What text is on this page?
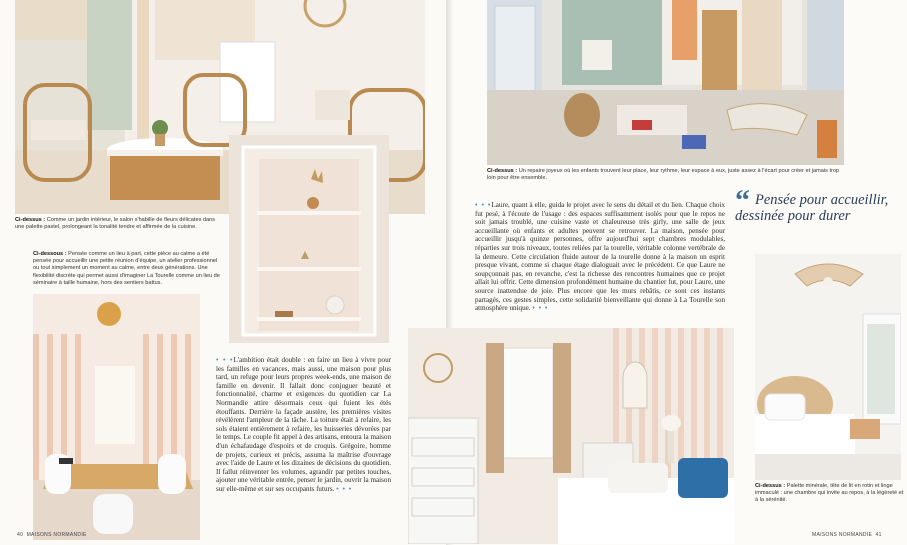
Ci-dessus : Comme un jardin intérieur, le salon s'habille de fleurs délicates dans une palette pastel, prolongeant la tonalité tendre et affirmée de la cuisine.
Ci-dessous : Pensée comme un lieu à part, cette pièce au calme a été pensée pour accueillir une petite réunion d'équipe, un atelier professionnel ou tout simplement un moment au calme, entre deux générations. Une flexibilité discrète qui permet aussi d'imaginer La Tourelle comme un lieu de séminaire à taille humaine, hors des sentiers battus.
• • •L'ambition était double : en faire un lieu à vivre pour les familles en vacances, mais aussi, une maison pour plus tard, un refuge pour leurs propres week-ends, une maison de famille en devenir. Il fallait donc conjuguer beauté et fonctionnalité, charme et exigences du quotidien car La Normandie attire désormais ceux qui fuient les étés étouffants. Derrière la façade austère, les premières visites révélèrent l'ampleur de la tâche. La toiture était à refaire, les sols étaient entièrement à refaire, les huisseries dévorées par le temps. Le couple fit appel à des artisans, entoura la maison d'un échafaudage d'espoirs et de croquis. Grégoire, homme de projets, curieux et précis, assuma la maîtrise d'ouvrage avec l'aide de Laure et les dizaines de décisions du quotidien. Il fallut réinventer les volumes, agrandir par petites touches, ajouter une véritable entrée, penser le jardin, ouvrir la maison sur elle-même et sur ses occupants futurs. • • •
40 MAISONS NORMANDIE
Ci-dessus : Un repaire joyeux où les enfants trouvent leur place, leur rythme, leur espace à eux, juste assez à l'écart pour créer et jamais trop loin pour être ensemble.
• • •Laure, quant à elle, guida le projet avec le sens du détail et du lien. Chaque choix fut pesé, à l'écoute de l'usage : des espaces suffisamment isolés pour que le repos ne soit jamais troublé, une cuisine vaste et chaleureuse très girly, une salle de jeux accueillante où enfants et adultes peuvent se retrouver. La maison, pensée pour accueillir jusqu'à quinze personnes, offre aujourd'hui sept chambres modulables, réparties sur trois niveaux, toutes reliées par la tourelle, véritable colonne vertébrale de la demeure. Cette circulation fluide autour de la tourelle donne à la maison un esprit presque vivant, comme si chaque étage dialoguait avec le précédent. Ce que Laure ne soupçonnait pas, en revanche, c'est la richesse des rencontres humaines que ce projet allait lui offrir. Cette dimension profondément humaine du chantier fut, pour Laure, une source inattendue de joie. Plus encore que les murs rebâtis, ce sont ces instants partagés, ces gestes simples, cette solidarité bienveillante qui donne à La Tourelle son atmosphère unique. • • •
“ Pensée pour accueillir, dessinée pour durer
Ci-dessus : Palette minérale, tête de lit en rotin et linge immaculé : une chambre qui invite au repos, à la légèreté et à la sérénité.
MAISONS NORMANDIE 41
